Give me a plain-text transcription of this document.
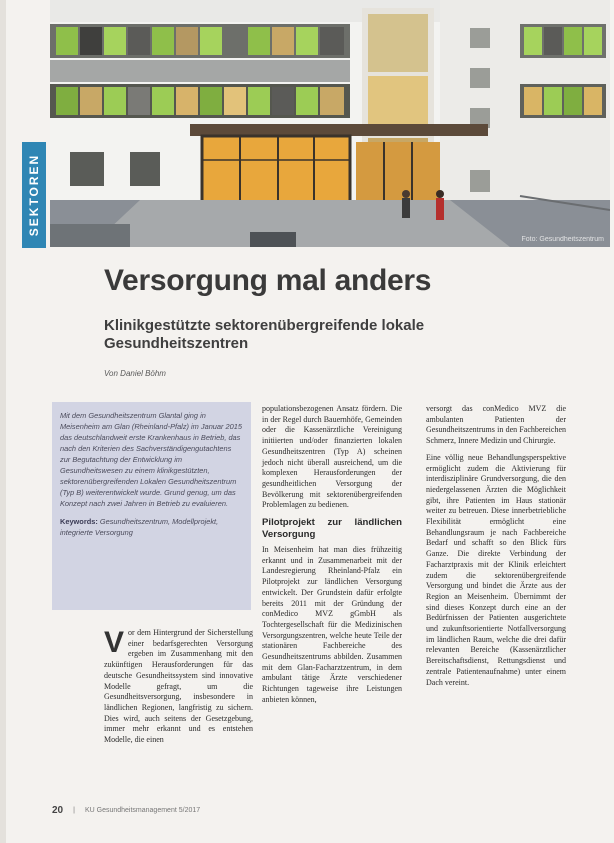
Foto: Gesundheitszentrum
SEKTOREN
Versorgung mal anders
Klinikgestützte sektorenübergreifende lokale Gesundheitszentren
Von Daniel Böhm

Mit dem Gesundheitszentrum Glantal ging in Meisenheim am Glan (Rheinland-Pfalz) im Januar 2015 das deutschlandweit erste Krankenhaus in Betrieb, das nach den Kriterien des Sachverständigengutachtens zur Begutachtung der Entwicklung im Gesundheitswesen zu einem klinikgestützten, sektorenübergreifenden Lokalen Gesundheitszentrum (Typ B) weiterentwickelt wurde. Grund genug, um das Konzept nach zwei Jahren in Betrieb zu evaluieren.

Keywords: Gesundheitszentrum, Modellprojekt, integrierte Versorgung

V or dem Hintergrund der Sicherstellung einer bedarfsgerechten Versorgung ergeben im Zusammenhang mit den zukünftigen Herausforderungen für das deutsche Gesundheitssystem sind innovative Modelle gefragt, um die Gesundheitsversorgung, insbesondere in ländlichen Regionen, langfristig zu sichern. Dies wird, auch seitens der Gesetzgebung, immer mehr erkannt und es entstehen Modelle, die einen

populationsbezogenen Ansatz fördern. Die in der Regel durch Bauernhöfe, Gemeinden oder die Kassenärztliche Vereinigung initiierten und/oder finanzierten lokalen Gesundheitszentren (Typ A) scheinen jedoch nicht überall ausreichend, um die komplexen Herausforderungen der gesundheitlichen Versorgung der Bevölkerung mit sektorenübergreifenden Problemlagen zu bedienen.

Pilotprojekt zur ländlichen Versorgung

In Meisenheim hat man dies frühzeitig erkannt und in Zusammenarbeit mit der Landesregierung Rheinland-Pfalz ein Pilotprojekt zur ländlichen Versorgung entwickelt. Der Grundstein dafür erfolgte bereits 2011 mit der Gründung der conMedico MVZ gGmbH als Tochtergesellschaft für die Medizinischen Versorgungszentren, welche heute Teile der stationären Fachbereiche des Gesundheitszentrums abbilden. Zusammen mit dem Glan-Facharztzentrum, in dem ambulant tätige Ärzte verschiedener Richtungen tageweise ihre Leistungen anbieten können,

versorgt das conMedico MVZ die ambulanten Patienten der Gesundheitszentrums in den Fachbereichen Schmerz, Innere Medizin und Chirurgie.

Eine völlig neue Behandlungsperspektive ermöglicht zudem die Aktivierung für interdisziplinäre Grundversorgung, die den niedergelassenen Ärzten die Möglichkeit gibt, ihre Patienten im Haus stationär weiter zu betreuen. Diese innerbetriebliche Flexibilität ermöglicht eine Behandlungsraum je nach Fachbereiche Bedarf und schafft so den Blick fürs Ganze. Die direkte Verbindung der Facharztpraxis mit der Klinik erleichtert zudem die sektorenübergreifende Versorgung und bindet die Ärzte aus der Region an Meisenheim. Übernimmt der sind dieses Konzept durch eine an der Bedürfnissen der Patienten ausgerichtete und zukunftsorientierte Notfallversorgung im ländlichen Raum, welche die drei dafür relevanten Bereiche (Kassenärztlicher Bereitschaftsdienst, Rettungsdienst und zentrale Patientenaufnahme) unter einem Dach vereint.

20 | KU Gesundheitsmanagement 5/2017
